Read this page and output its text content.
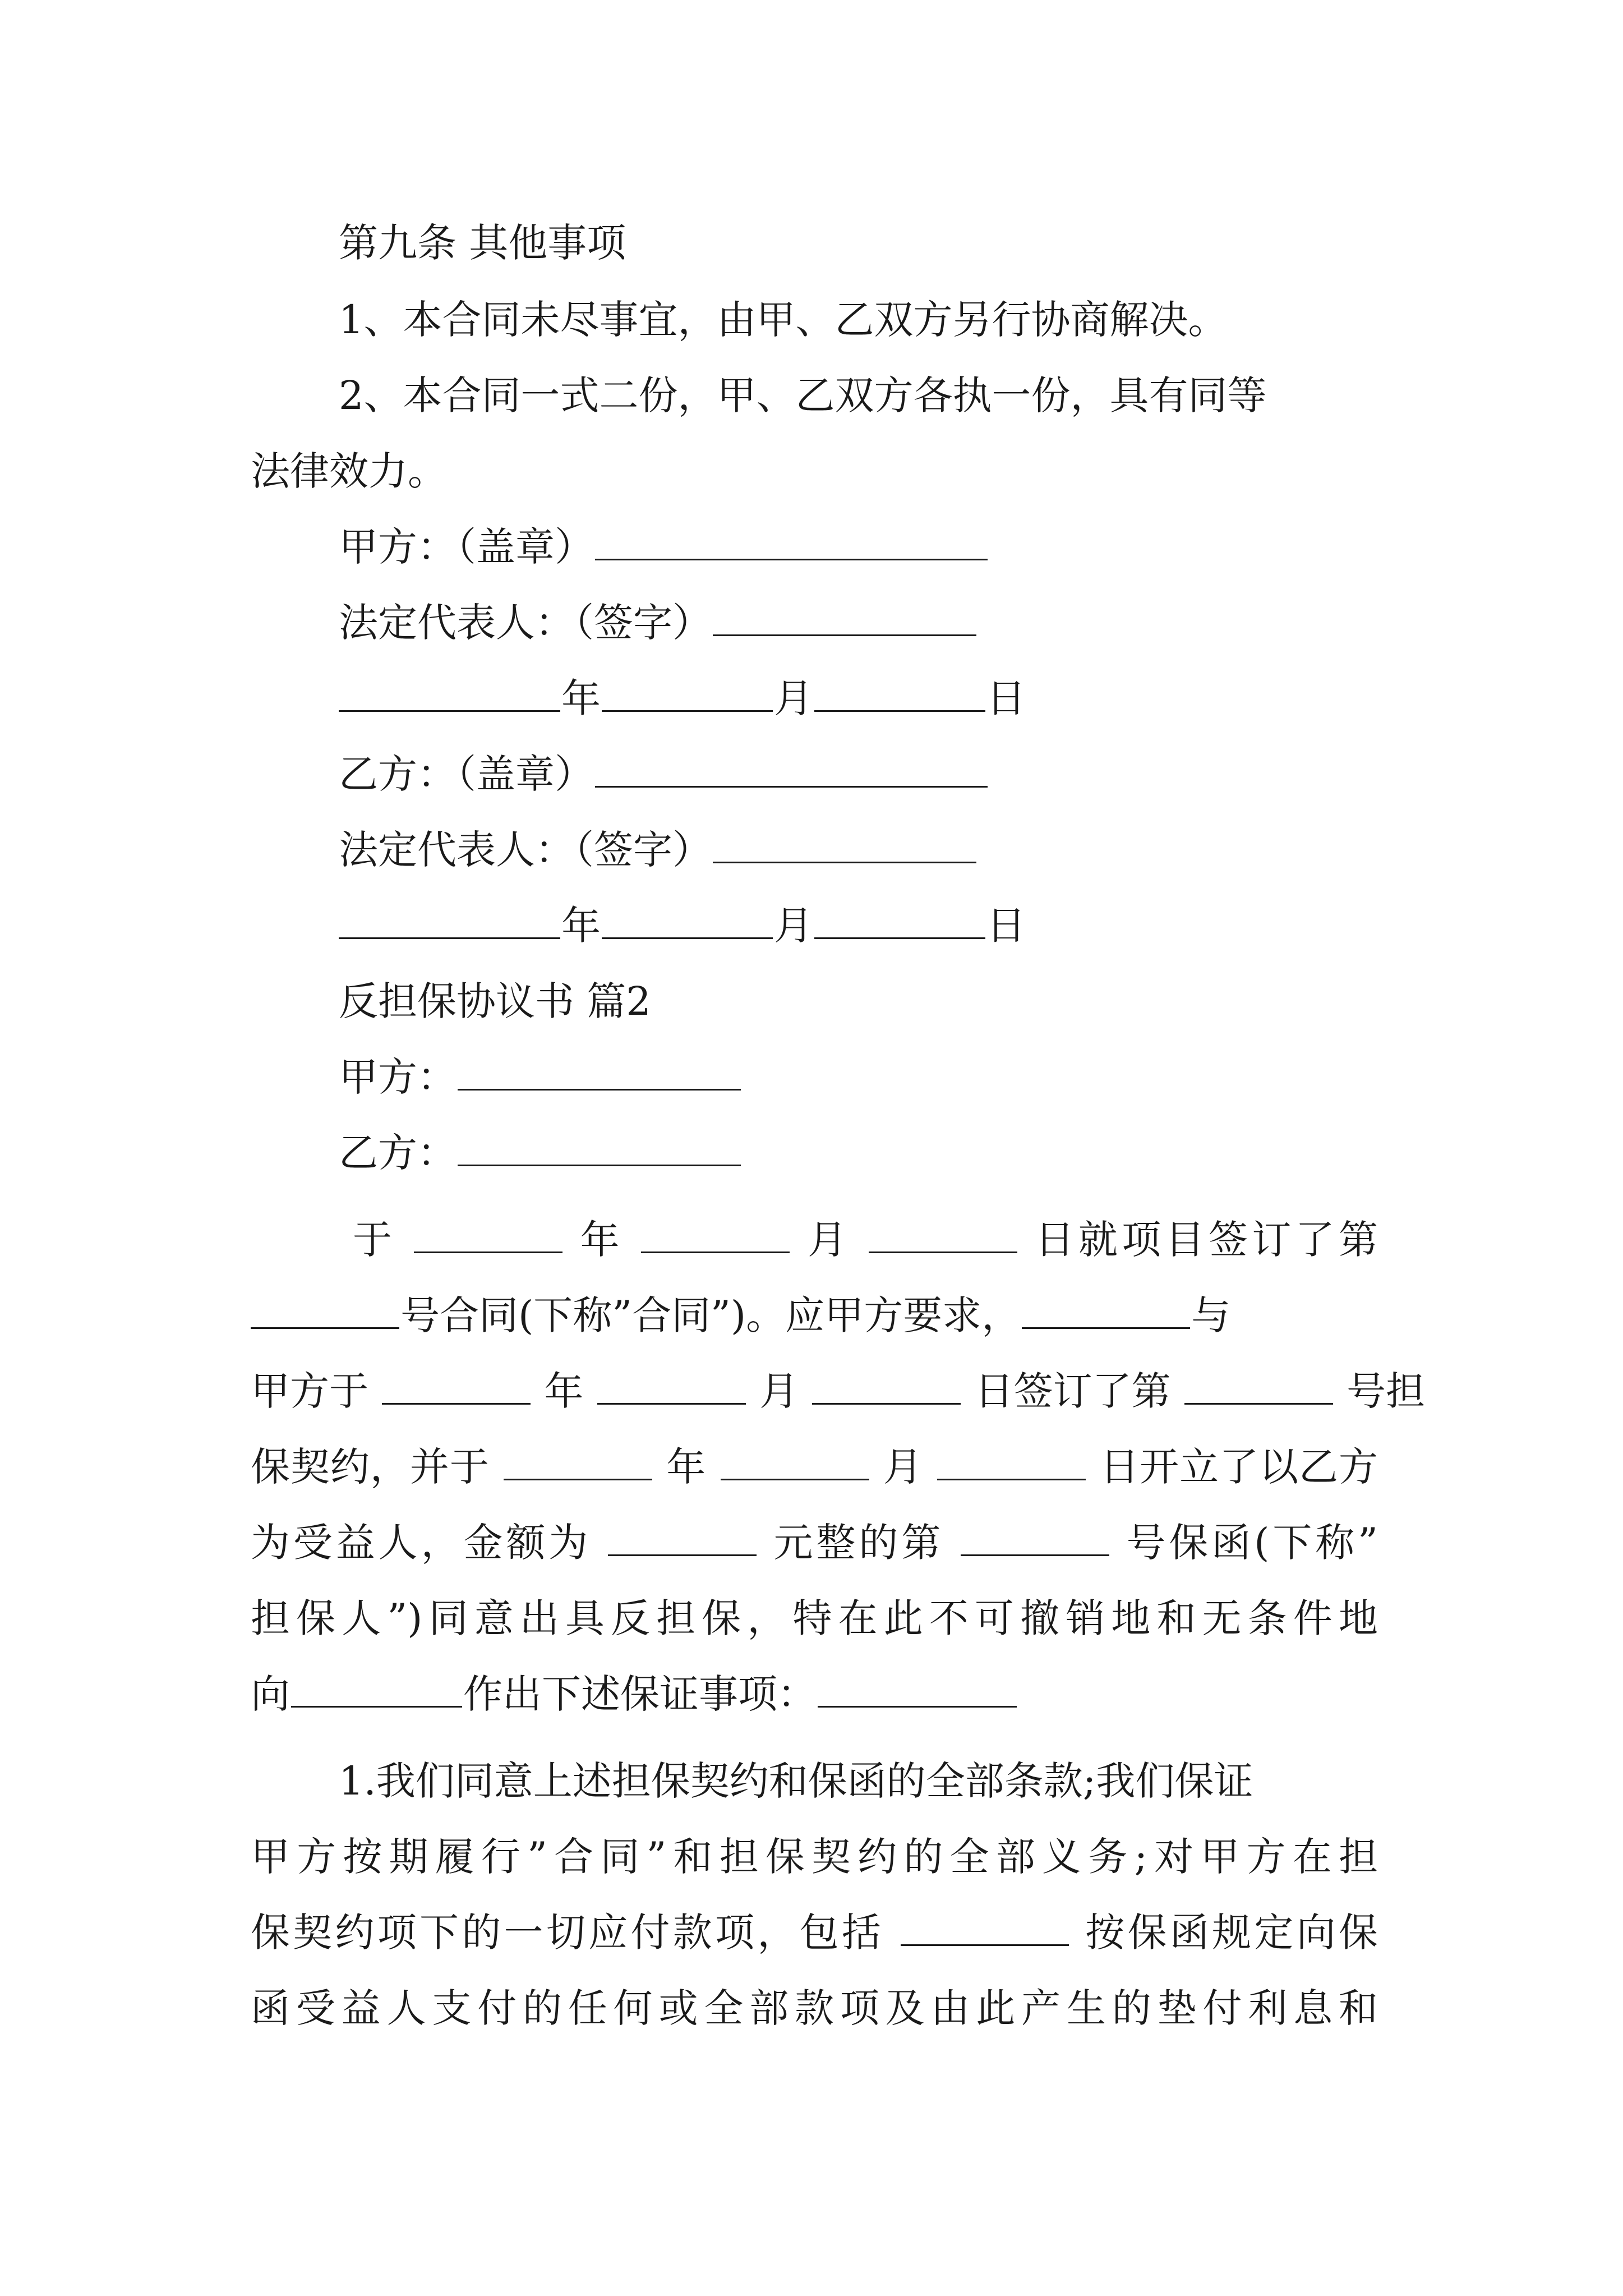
第九条 其他事项
1、本合同未尽事宜，由甲、乙双方另行协商解决。
2、本合同一式二份，甲、乙双方各执一份，具有同等
法律效力。
甲方：（盖章）
法定代表人：（签字）
年	月	日
乙方：（盖章）
法定代表人：（签字）
年	月	日
反担保协议书 篇2
甲方：
乙方：
于	年	月	日就项目签订了第
号合同(下称”合同”)。应甲方要求，	与
甲方于	年	月	日签订了第	号担
保契约，并于	年	月	日开立了以乙方
为受益人，金额为	元整的第	号保函(下称”
担保人”)同意出具反担保，特在此不可撤销地和无条件地
向	作出下述保证事项：
1.我们同意上述担保契约和保函的全部条款;我们保证
甲方按期履行”合同”和担保契约的全部义务;对甲方在担
保契约项下的一切应付款项，包括	按保函规定向保
函受益人支付的任何或全部款项及由此产生的垫付利息和
